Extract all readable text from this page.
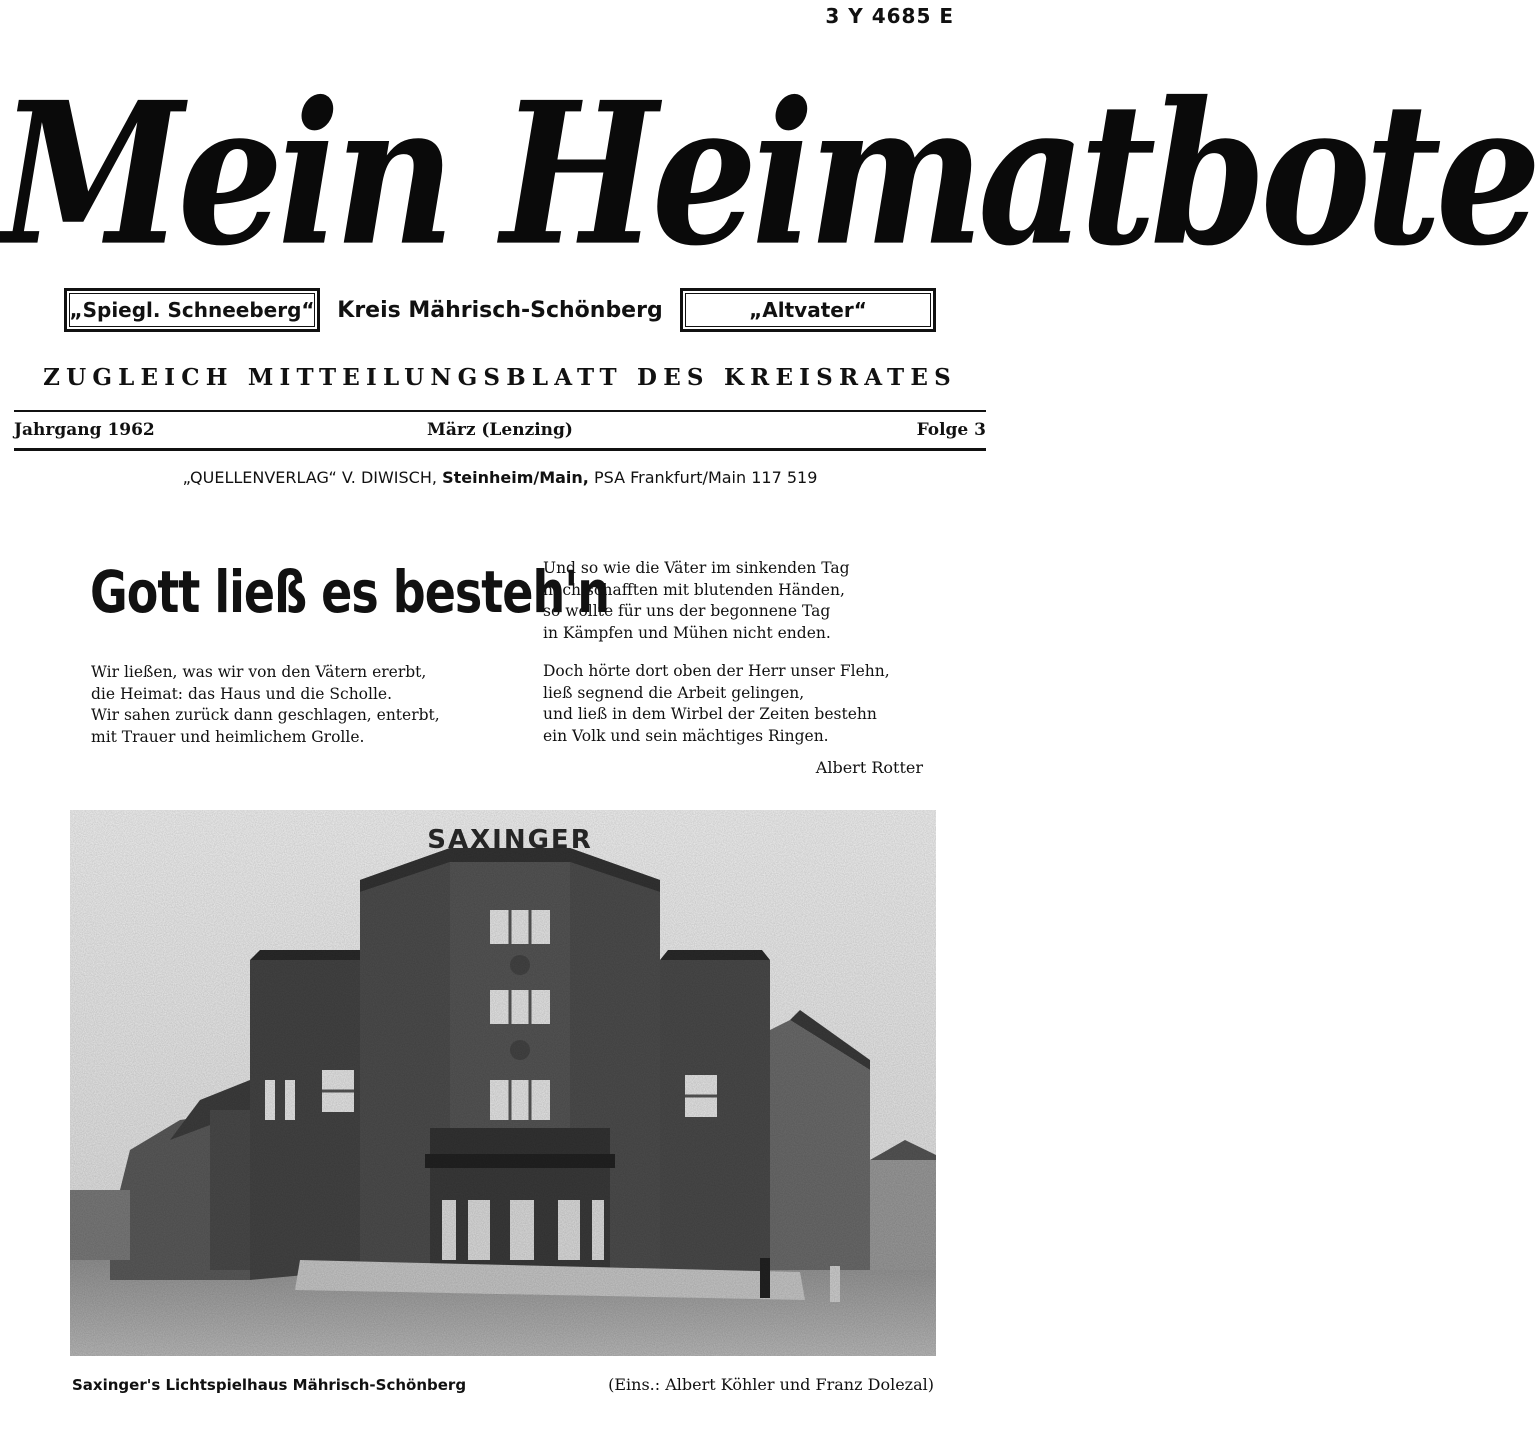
3 Y 4685 E
Mein Heimatbote
„Spiegl. Schneeberg“	Kreis Mährisch-Schönberg	„Altvater“
ZUGLEICH MITTEILUNGSBLATT DES KREISRATES
Jahrgang 1962	März (Lenzing)	Folge 3
„QUELLENVERLAG“ V. DIWISCH, Steinheim/Main, PSA Frankfurt/Main 117 519
Gott ließ es besteh'n
Wir ließen, was wir von den Vätern ererbt,
die Heimat: das Haus und die Scholle.
Wir sahen zurück dann geschlagen, enterbt,
mit Trauer und heimlichem Grolle.
Und so wie die Väter im sinkenden Tag
noch schafften mit blutenden Händen,
so wollte für uns der begonnene Tag
in Kämpfen und Mühen nicht enden.
Doch hörte dort oben der Herr unser Flehn,
ließ segnend die Arbeit gelingen,
und ließ in dem Wirbel der Zeiten bestehn
ein Volk und sein mächtiges Ringen.
Albert Rotter
SAXINGER
Saxinger's Lichtspielhaus Mährisch-Schönberg	(Eins.: Albert Köhler und Franz Dolezal)
